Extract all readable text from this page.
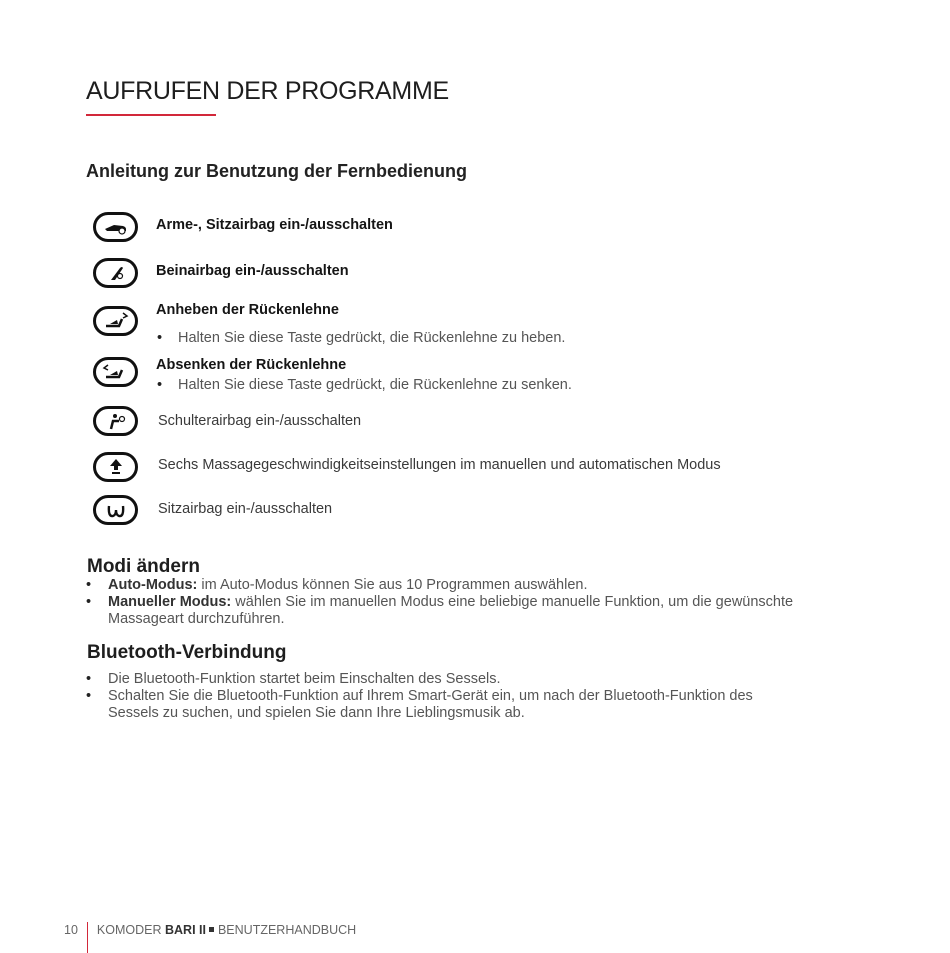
AUFRUFEN DER PROGRAMME
Anleitung zur Benutzung der Fernbedienung
Arme-, Sitzairbag ein-/ausschalten
Beinairbag ein-/ausschalten
Anheben der Rückenlehne
• Halten Sie diese Taste gedrückt, die Rückenlehne zu heben.
Absenken der Rückenlehne
• Halten Sie diese Taste gedrückt, die Rückenlehne zu senken.
Schulterairbag ein-/ausschalten
Sechs Massagegeschwindigkeitseinstellungen im manuellen und automatischen Modus
Sitzairbag ein-/ausschalten
Modi ändern

• Auto-Modus: im Auto-Modus können Sie aus 10 Programmen auswählen.

• Manueller Modus: wählen Sie im manuellen Modus eine beliebige manuelle Funktion, um die gewünschte Massageart durchzuführen.

Bluetooth-Verbindung

• Die Bluetooth-Funktion startet beim Einschalten des Sessels.

• Schalten Sie die Bluetooth-Funktion auf Ihrem Smart-Gerät ein, um nach der Bluetooth-Funktion des Sessels zu suchen, und spielen Sie dann Ihre Lieblingsmusik ab.

10 KOMODER BARI II BENUTZERHANDBUCH
